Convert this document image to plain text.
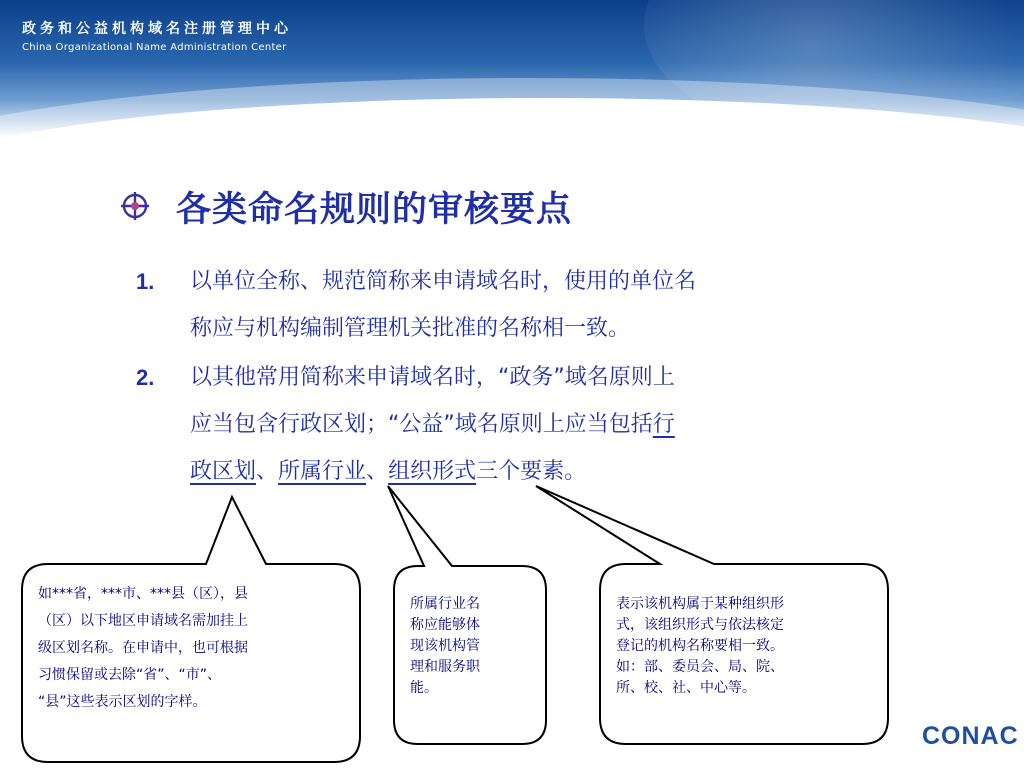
政务和公益机构域名注册管理中心

China Organizational Name Administration Center

各类命名规则的审核要点
1. 以单位全称、规范简称来申请域名时，使用的单位名
称应与机构编制管理机关批准的名称相一致。
2. 以其他常用简称来申请域名时，“政务”域名原则上
应当包含行政区划；“公益”域名原则上应当包括行
政区划、所属行业、组织形式三个要素。
如***省，***市、***县（区），县
（区）以下地区申请域名需加挂上
级区划名称。在申请中，也可根据
习惯保留或去除“省”、“市”、
“县”这些表示区划的字样。
所属行业名
称应能够体
现该机构管
理和服务职
能。
表示该机构属于某种组织形
式，该组织形式与依法核定
登记的机构名称要相一致。
如：部、委员会、局、院、
所、校、社、中心等。

CONAC
